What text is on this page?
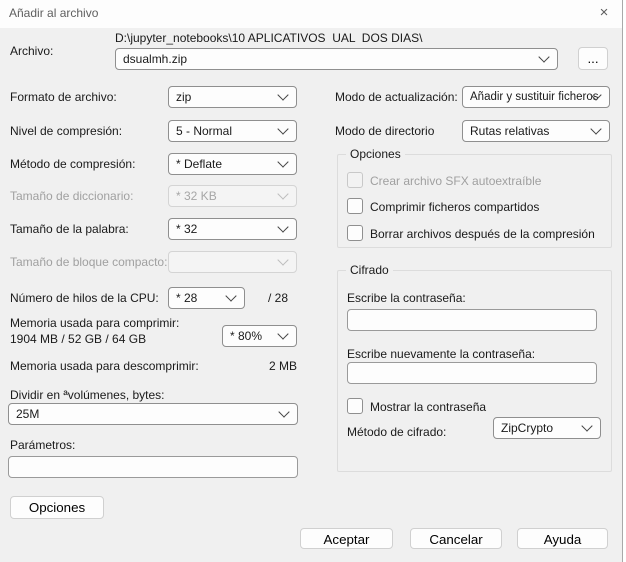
Añadir al archivo	×
Archivo:
D:\jupyter_notebooks\10 APLICATIVOS  UAL  DOS DIAS\
dsualmh.zip	...
Formato de archivo:	zip
Nivel de compresión:	5 - Normal
Método de compresión:	* Deflate
Tamaño de diccionario:	* 32 KB
Tamaño de la palabra:	* 32
Tamaño de bloque compacto:
Número de hilos de la CPU: * 28	/ 28
Memoria usada para comprimir:
1904 MB / 52 GB / 64 GB	* 80%
Memoria usada para descomprimir:	2 MB
Dividir en ªvolúmenes, bytes:
25M
Parámetros:
Opciones
Modo de actualización: Añadir y sustituir ficheros
Modo de directorio	Rutas relativas
Opciones
Crear archivo SFX autoextraíble
Comprimir ficheros compartidos
Borrar archivos después de la compresión
Cifrado
Escribe la contraseña:
Escribe nuevamente la contraseña:
Mostrar la contraseña
Método de cifrado:	ZipCrypto
Aceptar	Cancelar	Ayuda
